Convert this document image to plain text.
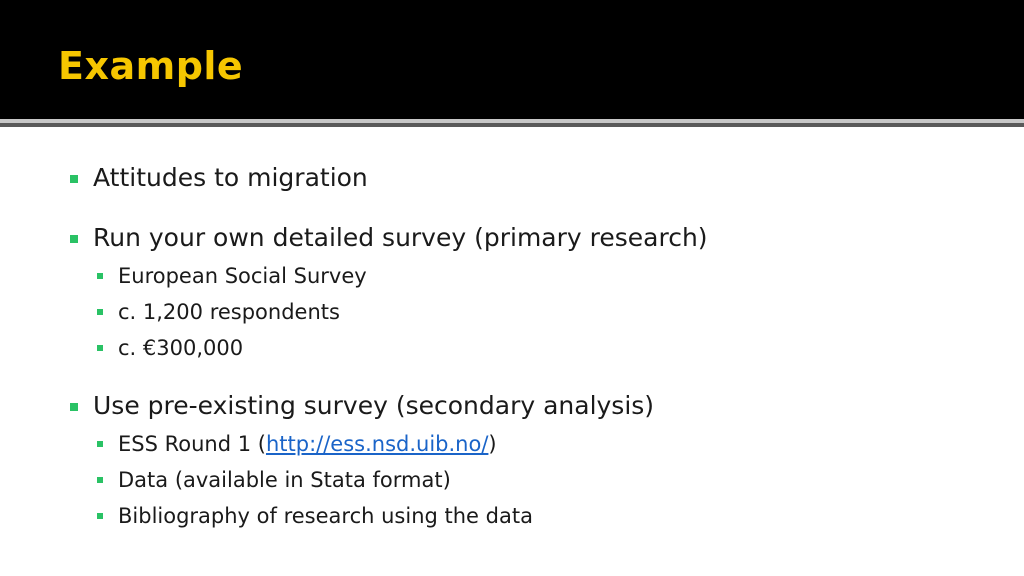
Example
Attitudes to migration
Run your own detailed survey (primary research)
European Social Survey
c. 1,200 respondents
c. €300,000
Use pre-existing survey (secondary analysis)
ESS Round 1 (http://ess.nsd.uib.no/)
Data (available in Stata format)
Bibliography of research using the data
